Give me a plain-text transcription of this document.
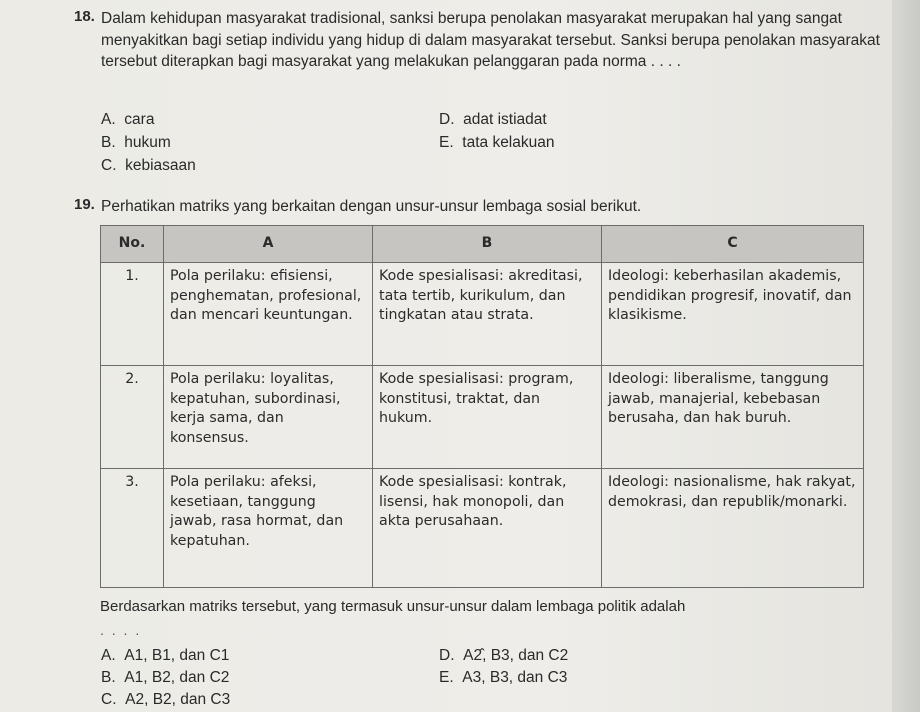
18. Dalam kehidupan masyarakat tradisional, sanksi berupa penolakan masyarakat merupakan hal yang sangat menyakitkan bagi setiap individu yang hidup di dalam masyarakat tersebut. Sanksi berupa penolakan masyarakat tersebut diterapkan bagi masyarakat yang melakukan pelanggaran pada norma . . . .
A. cara
B. hukum
C. kebiasaan
D. adat istiadat
E. tata kelakuan
19. Perhatikan matriks yang berkaitan dengan unsur-unsur lembaga sosial berikut.
No.	A	B	C
1.	Pola perilaku: efisiensi, penghematan, profesional, dan mencari keuntungan.	Kode spesialisasi: akreditasi, tata tertib, kurikulum, dan tingkatan atau strata.	Ideologi: keberhasilan akademis, pendidikan progresif, inovatif, dan klasikisme.
2.	Pola perilaku: loyalitas, kepatuhan, subordinasi, kerja sama, dan konsensus.	Kode spesialisasi: program, konstitusi, traktat, dan hukum.	Ideologi: liberalisme, tanggung jawab, manajerial, kebebasan berusaha, dan hak buruh.
3.	Pola perilaku: afeksi, kesetiaan, tanggung jawab, rasa hormat, dan kepatuhan.	Kode spesialisasi: kontrak, lisensi, hak monopoli, dan akta perusahaan.	Ideologi: nasionalisme, hak rakyat, demokrasi, dan republik/monarki.
Berdasarkan matriks tersebut, yang termasuk unsur-unsur dalam lembaga politik adalah
. . . .
A. A1, B1, dan C1
B. A1, B2, dan C2
C. A2, B2, dan C3
D. A2̂, B3, dan C2
E. A3, B3, dan C3
